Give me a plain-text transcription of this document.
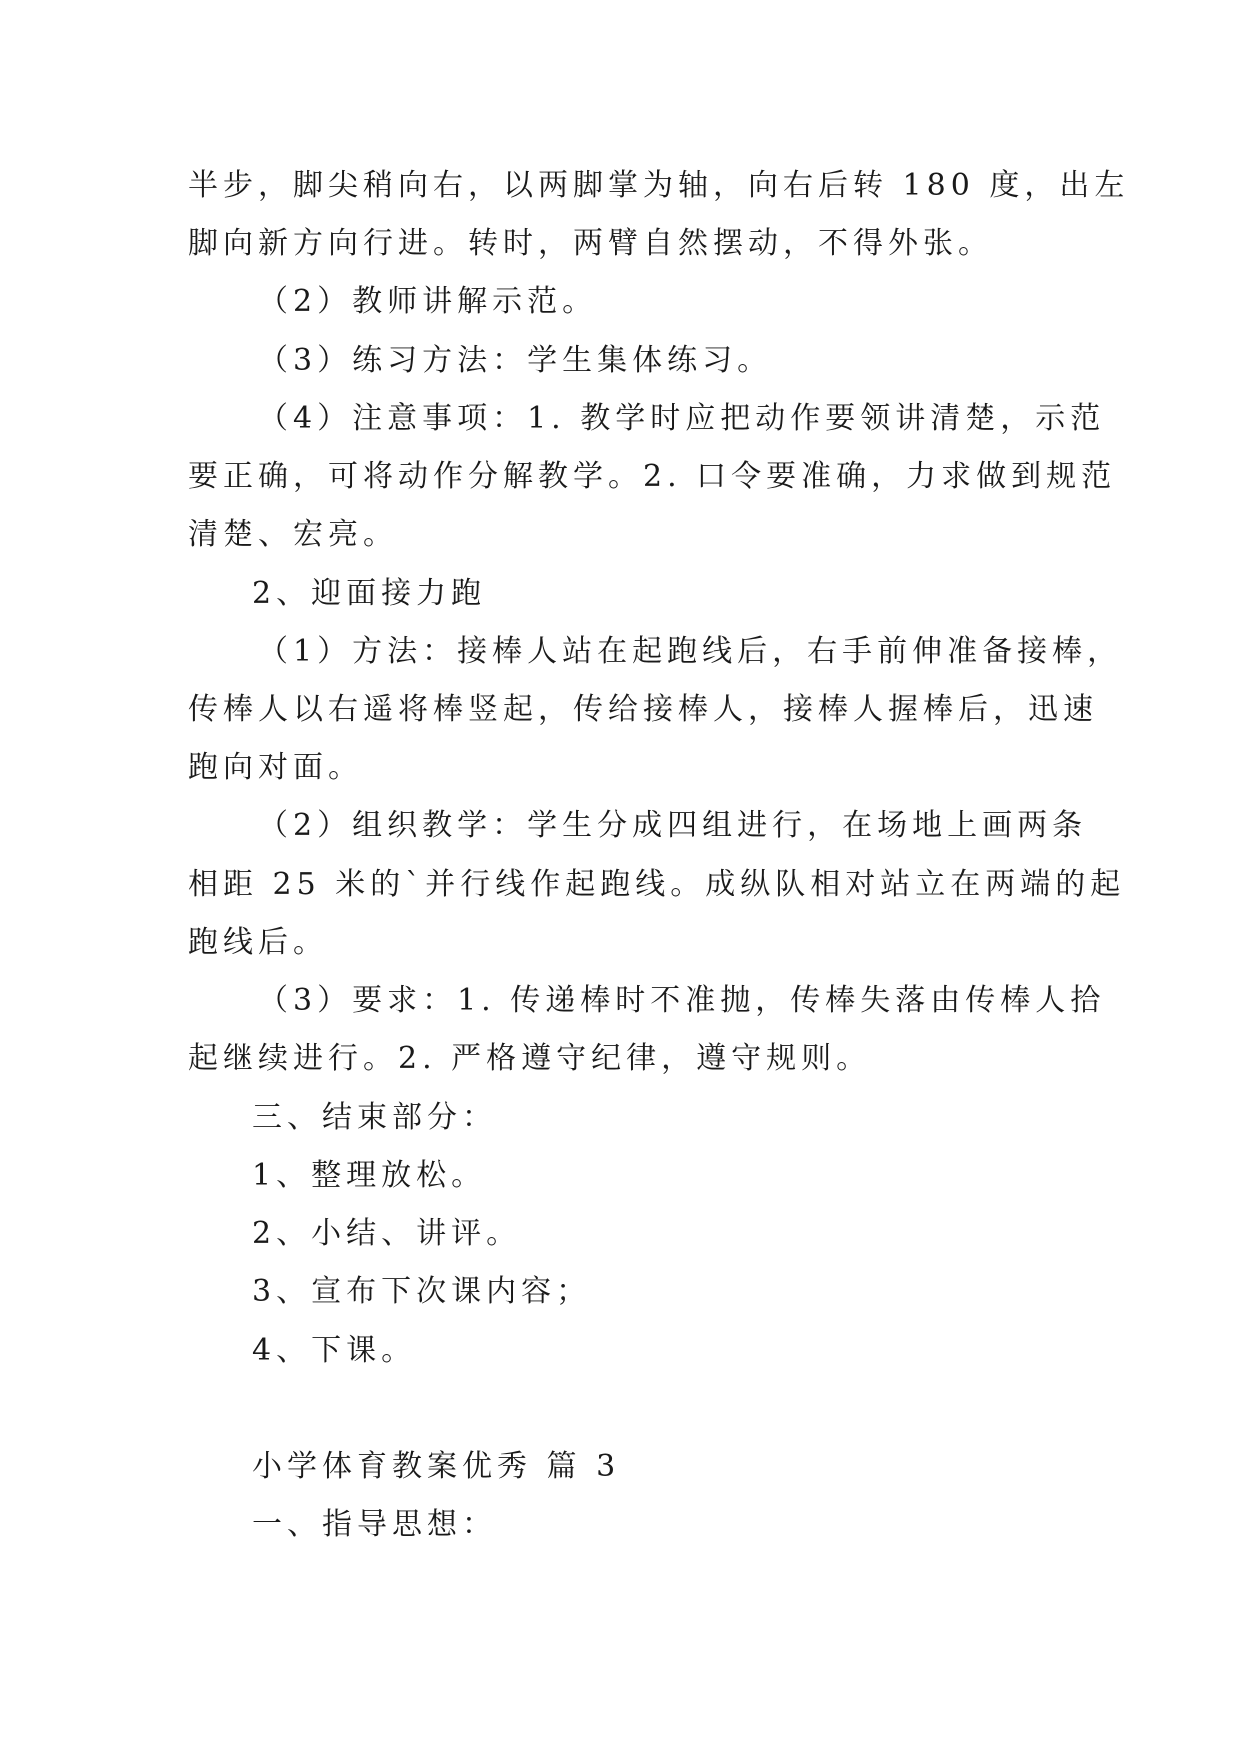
半步，脚尖稍向右，以两脚掌为轴，向右后转 180 度，出左
脚向新方向行进。转时，两臂自然摆动，不得外张。
（2）教师讲解示范。
（3）练习方法：学生集体练习。
（4）注意事项：1. 教学时应把动作要领讲清楚，示范
要正确，可将动作分解教学。2. 口令要准确，力求做到规范
清楚、宏亮。
2、迎面接力跑
（1）方法：接棒人站在起跑线后，右手前伸准备接棒，
传棒人以右遥将棒竖起，传给接棒人，接棒人握棒后，迅速
跑向对面。
（2）组织教学：学生分成四组进行，在场地上画两条
相距 25 米的`并行线作起跑线。成纵队相对站立在两端的起
跑线后。
（3）要求：1. 传递棒时不准抛，传棒失落由传棒人拾
起继续进行。2. 严格遵守纪律，遵守规则。
三、结束部分：
1、整理放松。
2、小结、讲评。
3、宣布下次课内容；
4、下课。
小学体育教案优秀 篇 3
一、指导思想：
